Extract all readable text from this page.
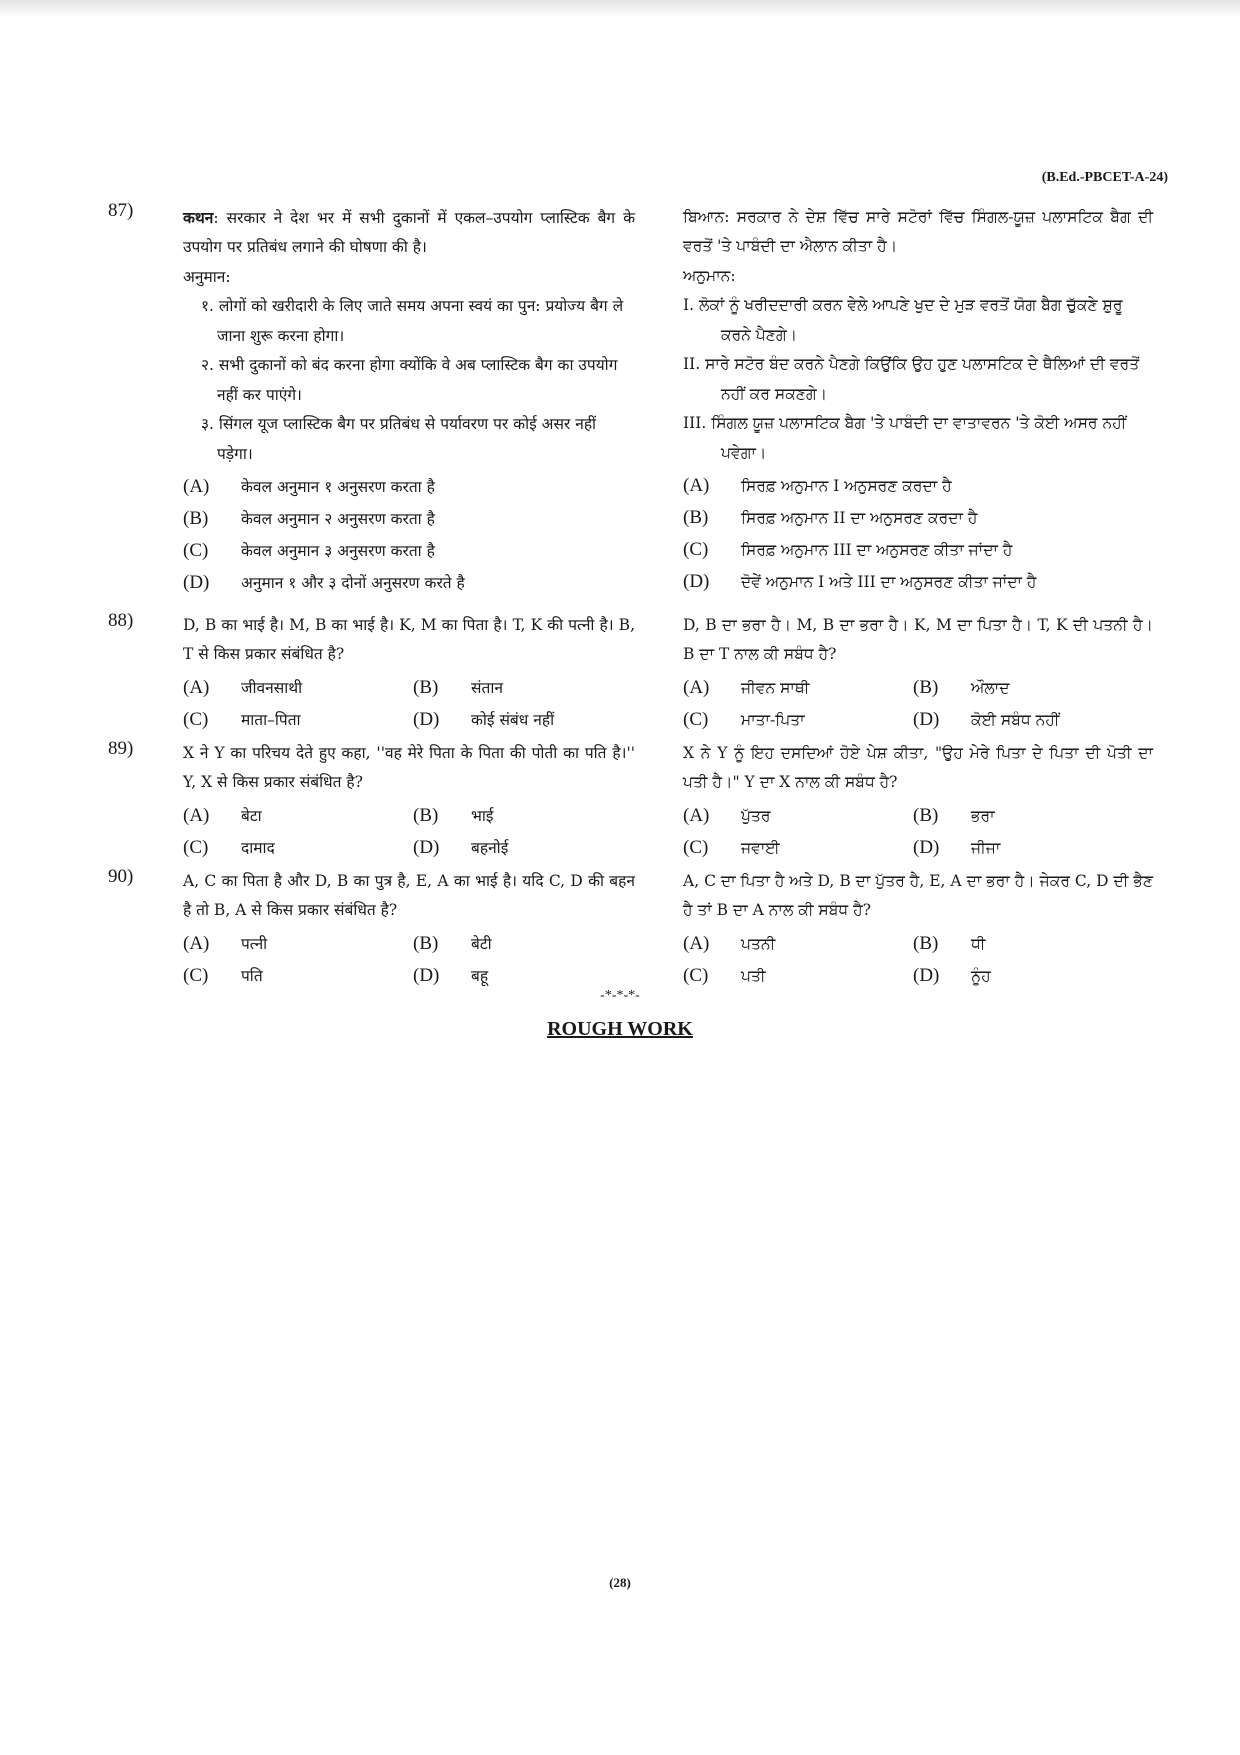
(B.Ed.-PBCET-A-24)
87)
88)
89)
90)

कथन: सरकार ने देश भर में सभी दुकानों में एकल–उपयोग प्लास्टिक बैग के उपयोग पर प्रतिबंध लगाने की घोषणा की है।

अनुमान:

१. लोगों को खरीदारी के लिए जाते समय अपना स्वयं का पुन: प्रयोज्य बैग ले जाना शुरू करना होगा।

२. सभी दुकानों को बंद करना होगा क्योंकि वे अब प्लास्टिक बैग का उपयोग नहीं कर पाएंगे।

३. सिंगल यूज प्लास्टिक बैग पर प्रतिबंध से पर्यावरण पर कोई असर नहीं पड़ेगा।

(A)	केवल अनुमान १ अनुसरण करता है
(B)	केवल अनुमान २ अनुसरण करता है
(C)	केवल अनुमान ३ अनुसरण करता है
(D)	अनुमान १ और ३ दोनों अनुसरण करते है

ਬਿਆਨ: ਸਰਕਾਰ ਨੇ ਦੇਸ਼ ਵਿੱਚ ਸਾਰੇ ਸਟੋਰਾਂ ਵਿੱਚ ਸਿੰਗਲ-ਯੂਜ਼ ਪਲਾਸਟਿਕ ਬੈਗ ਦੀ ਵਰਤੋਂ 'ਤੇ ਪਾਬੰਦੀ ਦਾ ਐਲਾਨ ਕੀਤਾ ਹੈ।

ਅਨੁਮਾਨ:

I. ਲੋਕਾਂ ਨੂੰ ਖਰੀਦਦਾਰੀ ਕਰਨ ਵੇਲੇ ਆਪਣੇ ਖੁਦ ਦੇ ਮੁੜ ਵਰਤੋਂ ਯੋਗ ਬੈਗ ਚੁੱਕਣੇ ਸ਼ੁਰੂ ਕਰਨੇ ਪੈਣਗੇ।

II. ਸਾਰੇ ਸਟੋਰ ਬੰਦ ਕਰਨੇ ਪੈਣਗੇ ਕਿਉਂਕਿ ਉਹ ਹੁਣ ਪਲਾਸਟਿਕ ਦੇ ਥੈਲਿਆਂ ਦੀ ਵਰਤੋਂ ਨਹੀਂ ਕਰ ਸਕਣਗੇ।

III. ਸਿੰਗਲ ਯੂਜ਼ ਪਲਾਸਟਿਕ ਬੈਗ 'ਤੇ ਪਾਬੰਦੀ ਦਾ ਵਾਤਾਵਰਨ 'ਤੇ ਕੋਈ ਅਸਰ ਨਹੀਂ ਪਵੇਗਾ।

(A)	ਸਿਰਫ਼ ਅਨੁਮਾਨ I ਅਨੁਸਰਣ ਕਰਦਾ ਹੈ
(B)	ਸਿਰਫ਼ ਅਨੁਮਾਨ II ਦਾ ਅਨੁਸਰਣ ਕਰਦਾ ਹੈ
(C)	ਸਿਰਫ਼ ਅਨੁਮਾਨ III ਦਾ ਅਨੁਸਰਣ ਕੀਤਾ ਜਾਂਦਾ ਹੈ
(D)	ਦੋਵੇਂ ਅਨੁਮਾਨ I ਅਤੇ III ਦਾ ਅਨੁਸਰਣ ਕੀਤਾ ਜਾਂਦਾ ਹੈ

D, B का भाई है। M, B का भाई है। K, M का पिता है। T, K की पत्नी है। B, T से किस प्रकार संबंधित है?

(A)	जीवनसाथी	(B)	संतान
(C)	माता–पिता	(D)	कोई संबंध नहीं

D, B ਦਾ ਭਰਾ ਹੈ। M, B ਦਾ ਭਰਾ ਹੈ। K, M ਦਾ ਪਿਤਾ ਹੈ। T, K ਦੀ ਪਤਨੀ ਹੈ। B ਦਾ T ਨਾਲ ਕੀ ਸਬੰਧ ਹੈ?

(A)	ਜੀਵਨ ਸਾਥੀ	(B)	ਔਲਾਦ
(C)	ਮਾਤਾ-ਪਿਤਾ	(D)	ਕੋਈ ਸਬੰਧ ਨਹੀਂ

X ने Y का परिचय देते हुए कहा, ''वह मेरे पिता के पिता की पोती का पति है।'' Y, X से किस प्रकार संबंधित है?

(A)	बेटा	(B)	भाई
(C)	दामाद	(D)	बहनोई

X ਨੇ Y ਨੂੰ ਇਹ ਦਸਦਿਆਂ ਹੋਏ ਪੇਸ਼ ਕੀਤਾ, "ਉਹ ਮੇਰੇ ਪਿਤਾ ਦੇ ਪਿਤਾ ਦੀ ਪੋਤੀ ਦਾ ਪਤੀ ਹੈ।" Y ਦਾ X ਨਾਲ ਕੀ ਸਬੰਧ ਹੈ?

(A)	ਪੁੱਤਰ	(B)	ਭਰਾ
(C)	ਜਵਾਈ	(D)	ਜੀਜਾ

A, C का पिता है और D, B का पुत्र है, E, A का भाई है। यदि C, D की बहन है तो B, A से किस प्रकार संबंधित है?

(A)	पत्नी	(B)	बेटी
(C)	पति	(D)	बहू

A, C ਦਾ ਪਿਤਾ ਹੈ ਅਤੇ D, B ਦਾ ਪੁੱਤਰ ਹੈ, E, A ਦਾ ਭਰਾ ਹੈ। ਜੇਕਰ C, D ਦੀ ਭੈਣ ਹੈ ਤਾਂ B ਦਾ A ਨਾਲ ਕੀ ਸਬੰਧ ਹੈ?

(A)	ਪਤਨੀ	(B)	ਧੀ
(C)	ਪਤੀ	(D)	ਨੂੰਹ
-*-*-*-
ROUGH WORK
(28)
